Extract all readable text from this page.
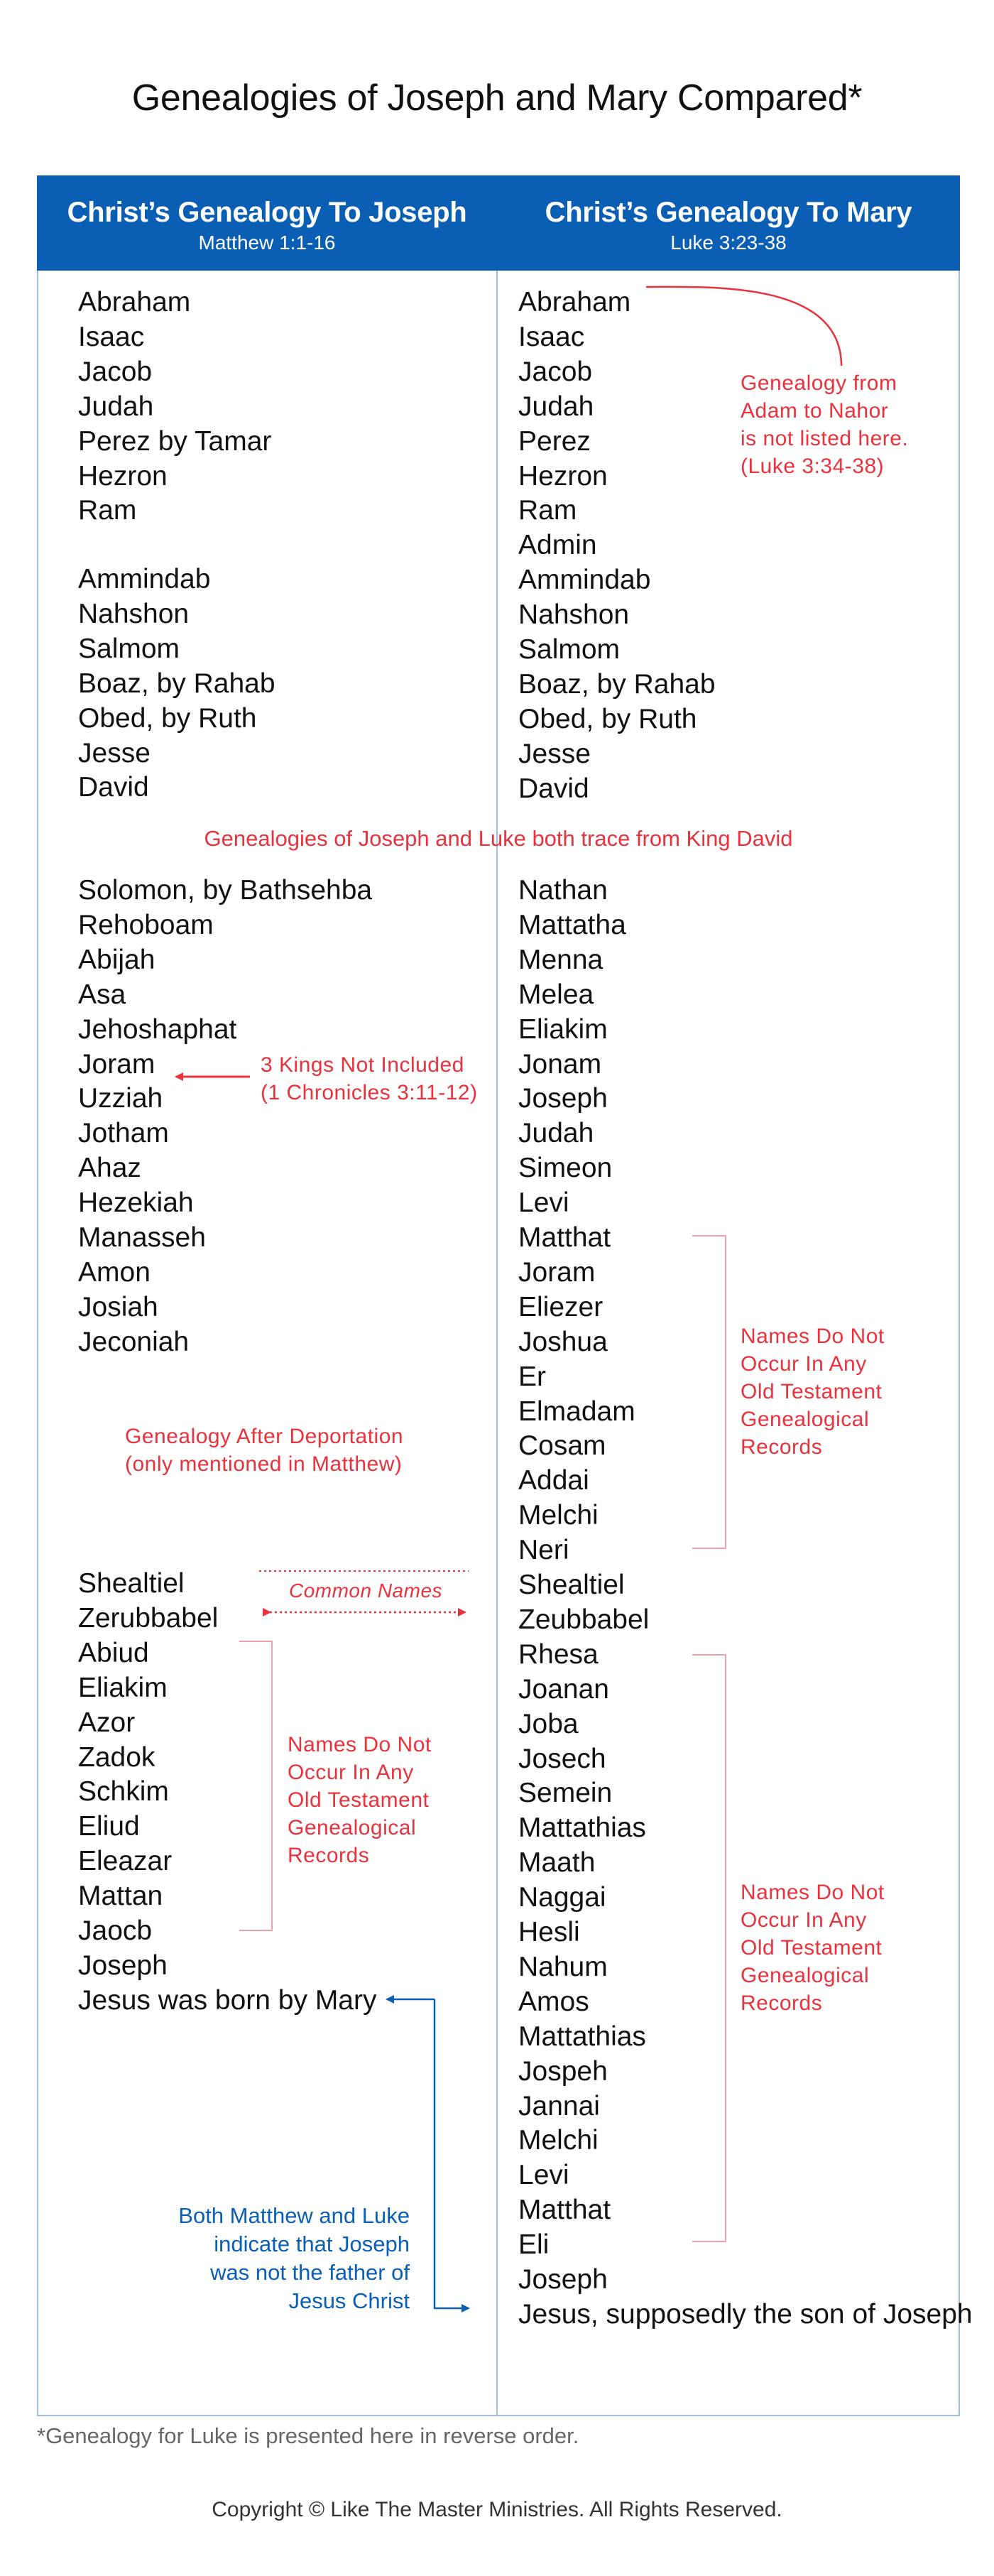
Genealogies of Joseph and Mary Compared*
Christ’s Genealogy To Joseph
Matthew 1:1-16
Christ’s Genealogy To Mary
Luke 3:23-38
Abraham
Isaac
Jacob
Judah
Perez by Tamar
Hezron
Ram
Ammindab
Nahshon
Salmom
Boaz, by Rahab
Obed, by Ruth
Jesse
David
Abraham
Isaac
Jacob
Judah
Perez
Hezron
Ram
Admin
Ammindab
Nahshon
Salmom
Boaz, by Rahab
Obed, by Ruth
Jesse
David
Solomon, by Bathsehba
Rehoboam
Abijah
Asa
Jehoshaphat
Joram
Uzziah
Jotham
Ahaz
Hezekiah
Manasseh
Amon
Josiah
Jeconiah
Shealtiel
Zerubbabel
Abiud
Eliakim
Azor
Zadok
Schkim
Eliud
Eleazar
Mattan
Jaocb
Joseph
Jesus was born by Mary
Nathan
Mattatha
Menna
Melea
Eliakim
Jonam
Joseph
Judah
Simeon
Levi
Matthat
Joram
Eliezer
Joshua
Er
Elmadam
Cosam
Addai
Melchi
Neri
Shealtiel
Zeubbabel
Rhesa
Joanan
Joba
Josech
Semein
Mattathias
Maath
Naggai
Hesli
Nahum
Amos
Mattathias
Jospeh
Jannai
Melchi
Levi
Matthat
Eli
Joseph
Jesus, supposedly the son of Joseph
Genealogies of Joseph and Luke both trace from King David
Genealogy from
Adam to Nahor
is not listed here.
(Luke 3:34-38)
3 Kings Not Included
(1 Chronicles 3:11-12)
Genealogy After Deportation
(only mentioned in Matthew)
Common Names
Names Do Not
Occur In Any
Old Testament
Genealogical
Records
Names Do Not
Occur In Any
Old Testament
Genealogical
Records
Names Do Not
Occur In Any
Old Testament
Genealogical
Records
Both Matthew and Luke
indicate that Joseph
was not the father of
Jesus Christ
*Genealogy for Luke is presented here in reverse order.
Copyright © Like The Master Ministries. All Rights Reserved.
